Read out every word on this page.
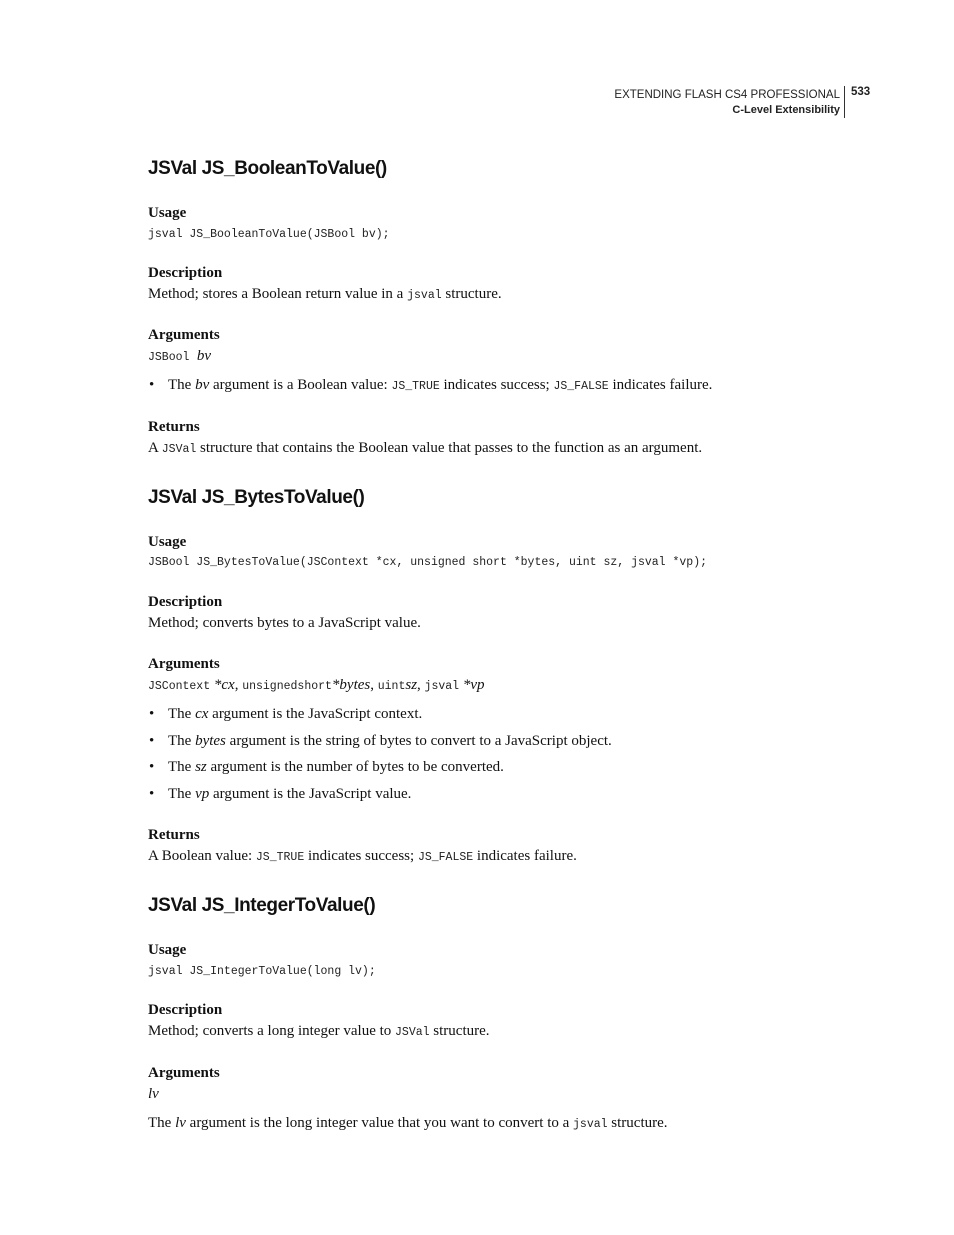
EXTENDING FLASH CS4 PROFESSIONAL
C-Level Extensibility
533
JSVal JS_BooleanToValue()
Usage
jsval JS_BooleanToValue(JSBool bv);
Description
Method; stores a Boolean return value in a jsval structure.
Arguments
JSBool bv
• The bv argument is a Boolean value: JS_TRUE indicates success; JS_FALSE indicates failure.
Returns
A JSVal structure that contains the Boolean value that passes to the function as an argument.
JSVal JS_BytesToValue()
Usage
JSBool JS_BytesToValue(JSContext *cx, unsigned short *bytes, uint sz, jsval *vp);
Description
Method; converts bytes to a JavaScript value.
Arguments
JSContext *cx, unsignedshort*bytes, uintsz, jsval *vp
• The cx argument is the JavaScript context.
• The bytes argument is the string of bytes to convert to a JavaScript object.
• The sz argument is the number of bytes to be converted.
• The vp argument is the JavaScript value.
Returns
A Boolean value: JS_TRUE indicates success; JS_FALSE indicates failure.
JSVal JS_IntegerToValue()
Usage
jsval JS_IntegerToValue(long lv);
Description
Method; converts a long integer value to JSVal structure.
Arguments
lv
The lv argument is the long integer value that you want to convert to a jsval structure.
